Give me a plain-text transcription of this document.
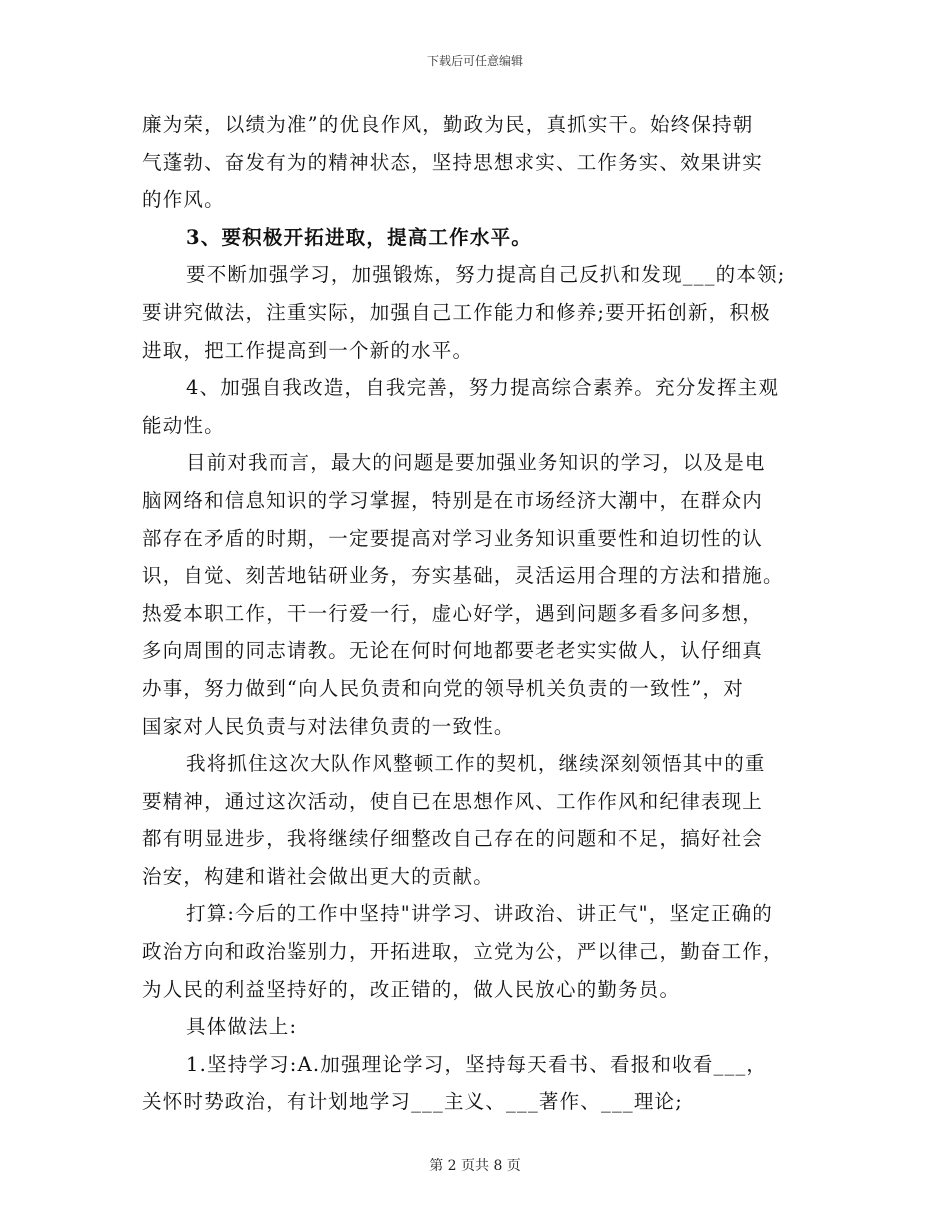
下载后可任意编辑
廉为荣，以绩为准”的优良作风，勤政为民，真抓实干。始终保持朝
气蓬勃、奋发有为的精神状态，坚持思想求实、工作务实、效果讲实
的作风。
3、要积极开拓进取，提高工作水平。
要不断加强学习，加强锻炼，努力提高自己反扒和发现___的本领;
要讲究做法，注重实际，加强自己工作能力和修养;要开拓创新，积极
进取，把工作提高到一个新的水平。
4、加强自我改造，自我完善，努力提高综合素养。充分发挥主观
能动性。
目前对我而言，最大的问题是要加强业务知识的学习，以及是电
脑网络和信息知识的学习掌握，特别是在市场经济大潮中，在群众内
部存在矛盾的时期，一定要提高对学习业务知识重要性和迫切性的认
识，自觉、刻苦地钻研业务，夯实基础，灵活运用合理的方法和措施。
热爱本职工作，干一行爱一行，虚心好学，遇到问题多看多问多想，
多向周围的同志请教。无论在何时何地都要老老实实做人，认仔细真
办事，努力做到“向人民负责和向党的领导机关负责的一致性”，对
国家对人民负责与对法律负责的一致性。
我将抓住这次大队作风整顿工作的契机，继续深刻领悟其中的重
要精神，通过这次活动，使自已在思想作风、工作作风和纪律表现上
都有明显进步，我将继续仔细整改自己存在的问题和不足，搞好社会
治安，构建和谐社会做出更大的贡献。
打算:今后的工作中坚持"讲学习、讲政治、讲正气"，坚定正确的
政治方向和政治鉴别力，开拓进取，立党为公，严以律己，勤奋工作，
为人民的利益坚持好的，改正错的，做人民放心的勤务员。
具体做法上:
1.坚持学习:A.加强理论学习，坚持每天看书、看报和收看___，
关怀时势政治，有计划地学习___主义、___著作、___理论;
第 2 页共 8 页
